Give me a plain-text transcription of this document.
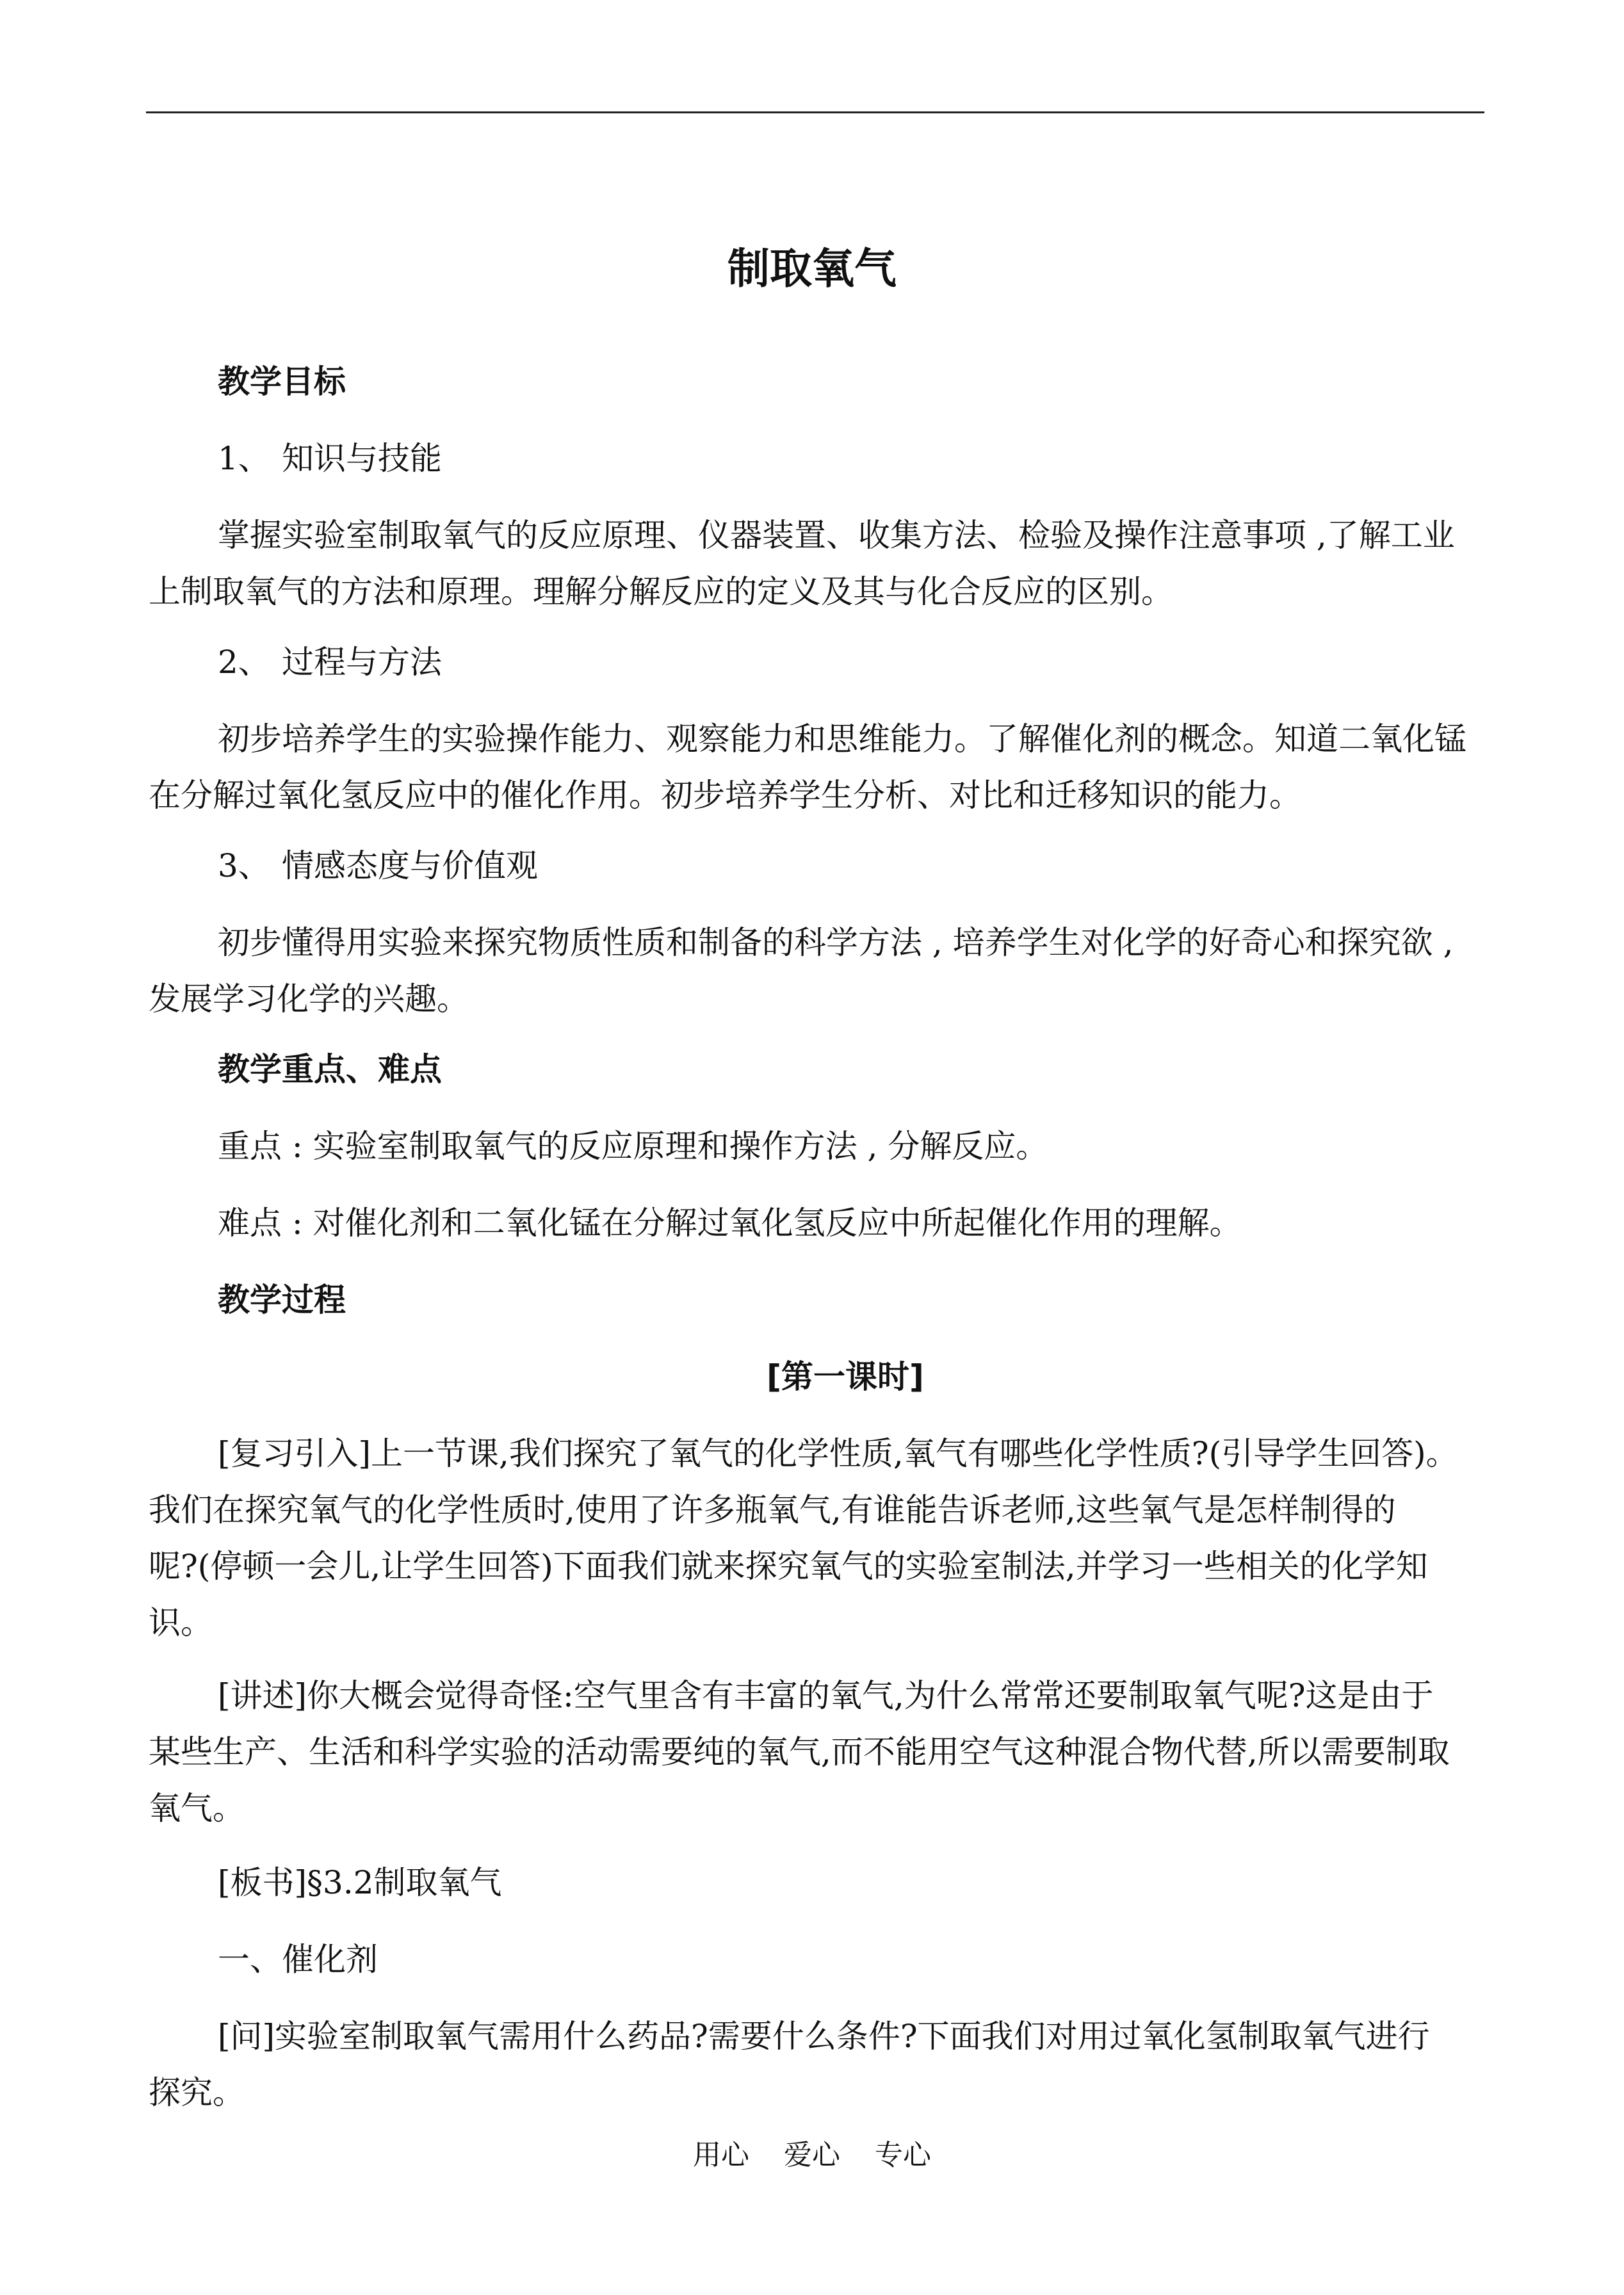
制取氧气
教学目标
1、 知识与技能
掌握实验室制取氧气的反应原理、仪器装置、收集方法、检验及操作注意事项 ,了解工业
上制取氧气的方法和原理。理解分解反应的定义及其与化合反应的区别。
2、 过程与方法
初步培养学生的实验操作能力、观察能力和思维能力。了解催化剂的概念。知道二氧化锰
在分解过氧化氢反应中的催化作用。初步培养学生分析、对比和迁移知识的能力。
3、 情感态度与价值观
初步懂得用实验来探究物质性质和制备的科学方法 , 培养学生对化学的好奇心和探究欲 ,
发展学习化学的兴趣。
教学重点、难点
重点 : 实验室制取氧气的反应原理和操作方法 , 分解反应。
难点 : 对催化剂和二氧化锰在分解过氧化氢反应中所起催化作用的理解。
教学过程
[第一课时]
[复习引入]上一节课,我们探究了氧气的化学性质,氧气有哪些化学性质?(引导学生回答)。
我们在探究氧气的化学性质时,使用了许多瓶氧气,有谁能告诉老师,这些氧气是怎样制得的
呢?(停顿一会儿,让学生回答)下面我们就来探究氧气的实验室制法,并学习一些相关的化学知
识。
[讲述]你大概会觉得奇怪:空气里含有丰富的氧气,为什么常常还要制取氧气呢?这是由于
某些生产、生活和科学实验的活动需要纯的氧气,而不能用空气这种混合物代替,所以需要制取
氧气。
[板书]§3.2制取氧气
一、催化剂
[问]实验室制取氧气需用什么药品?需要什么条件?下面我们对用过氧化氢制取氧气进行
探究。
用心 爱心 专心
